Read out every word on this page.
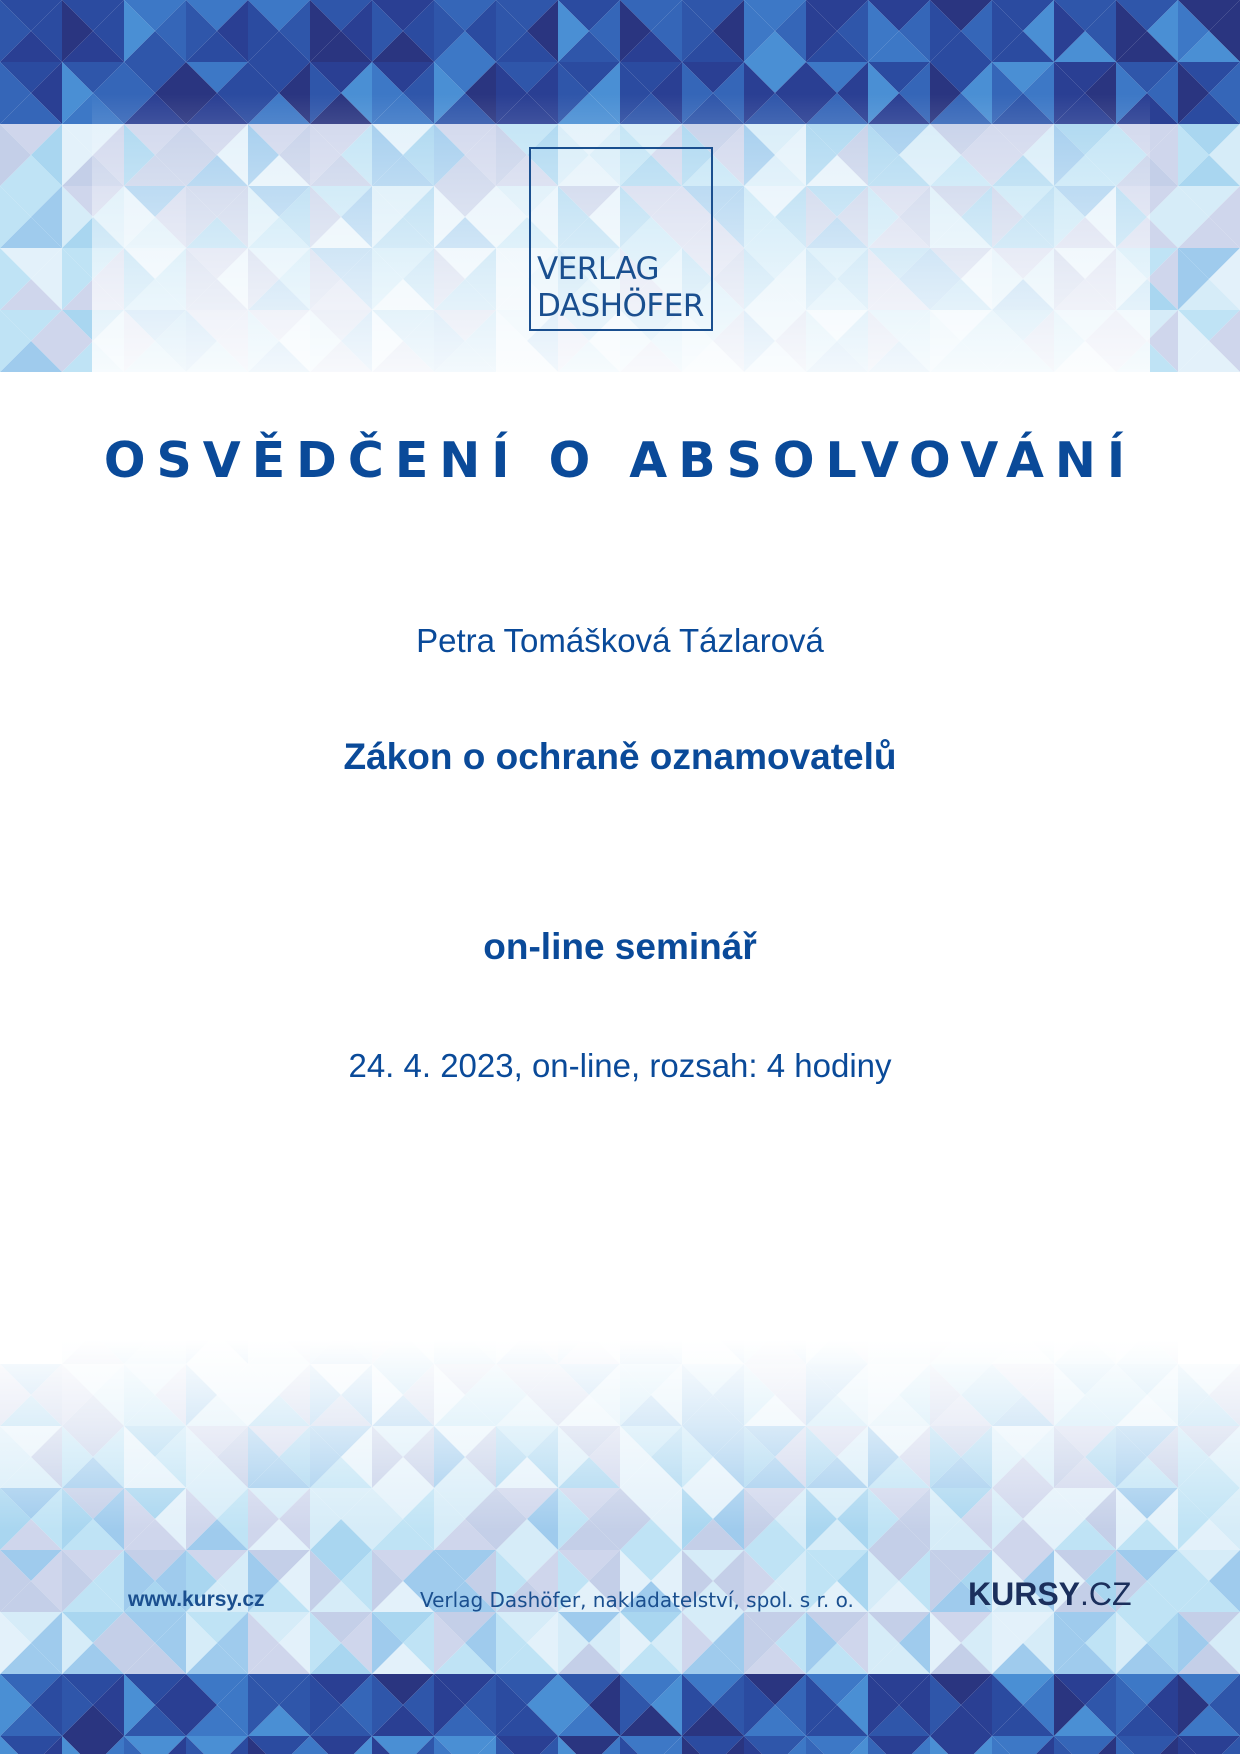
VERLAG
DASHÖFER
OSVĚDČENÍ O ABSOLVOVÁNÍ
Petra Tomášková Tázlarová
Zákon o ochraně oznamovatelů
on-line seminář
24. 4. 2023, on-line, rozsah: 4 hodiny
www.kursy.cz	Verlag Dashöfer, nakladatelství, spol. s r. o.	KURSY.CZ
